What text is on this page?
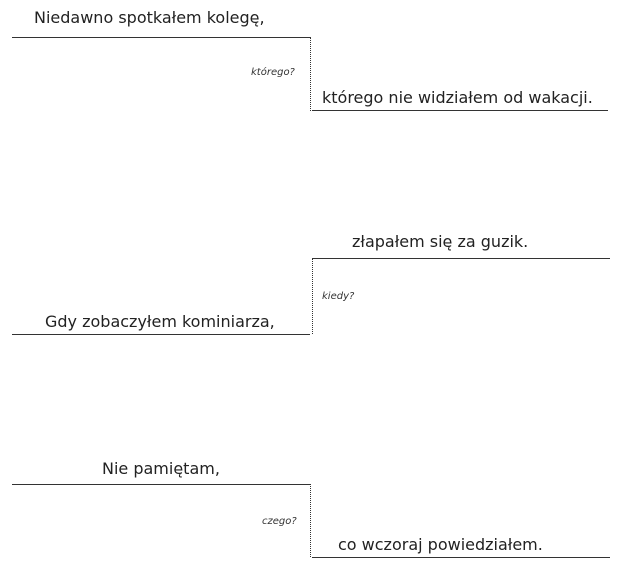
Niedawno spotkałem kolegę,
którego?
którego nie widziałem od wakacji.
złapałem się za guzik.
kiedy?
Gdy zobaczyłem kominiarza,
Nie pamiętam,
czego?
co wczoraj powiedziałem.
